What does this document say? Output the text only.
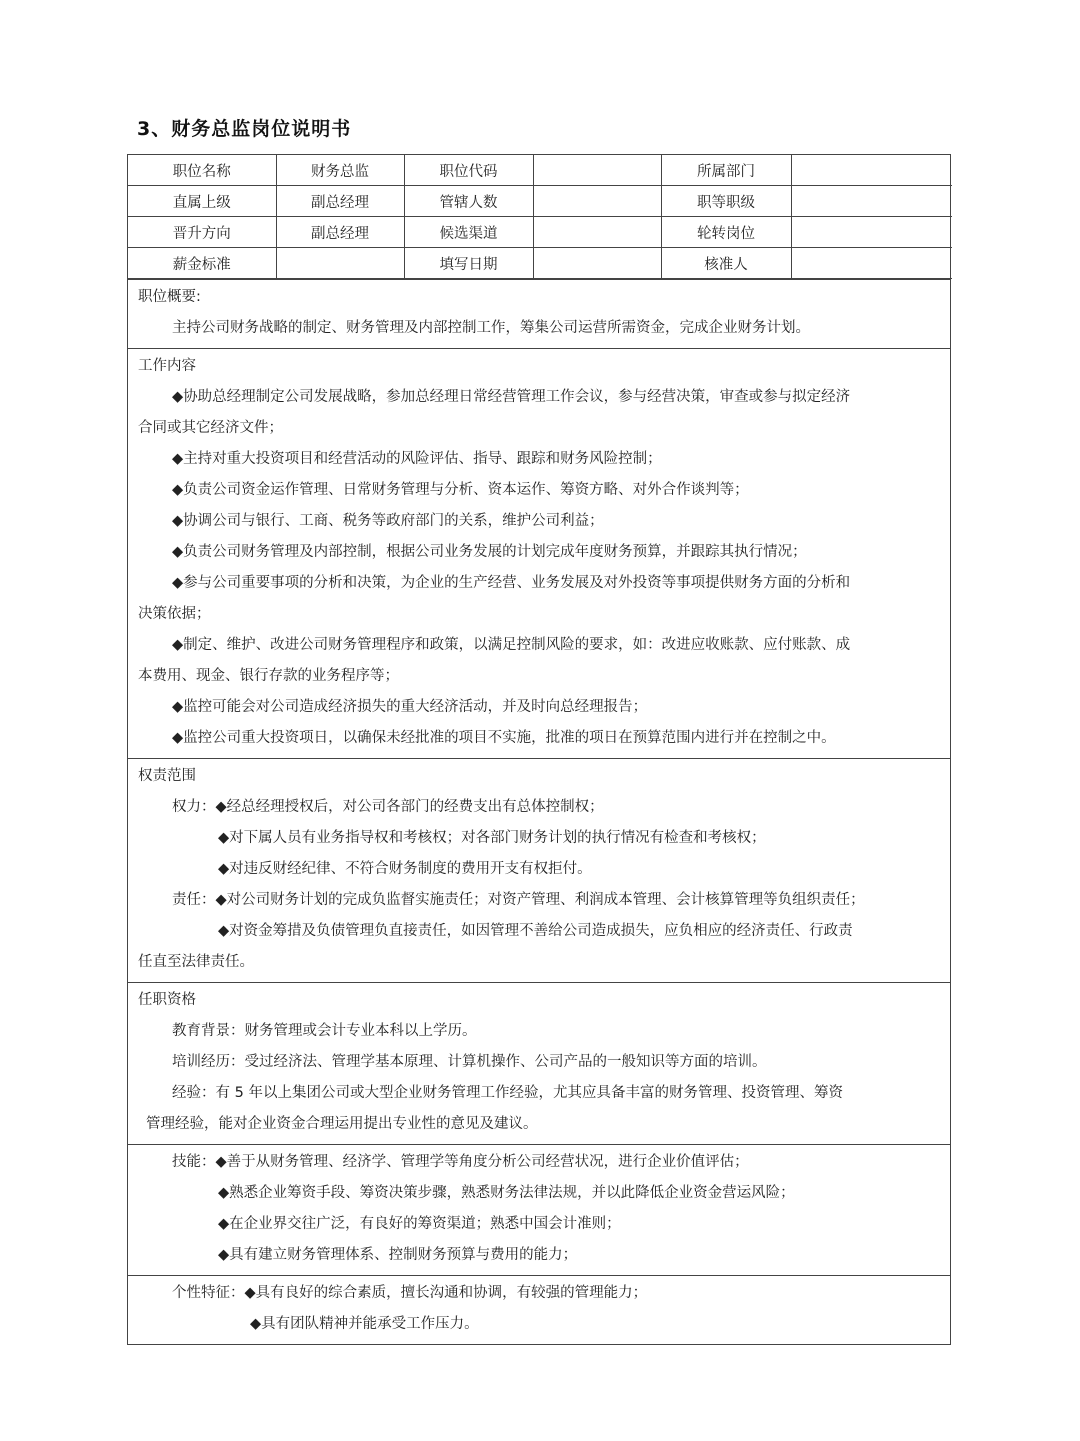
3、财务总监岗位说明书
职位名称	财务总监	职位代码		所属部门	
直属上级	副总经理	管辖人数		职等职级	
晋升方向	副总经理	候选渠道		轮转岗位	
薪金标准		填写日期		核准人	
职位概要:
主持公司财务战略的制定、财务管理及内部控制工作，筹集公司运营所需资金，完成企业财务计划。
工作内容
◆协助总经理制定公司发展战略，参加总经理日常经营管理工作会议，参与经营决策，审查或参与拟定经济
合同或其它经济文件；
◆主持对重大投资项目和经营活动的风险评估、指导、跟踪和财务风险控制；
◆负责公司资金运作管理、日常财务管理与分析、资本运作、筹资方略、对外合作谈判等；
◆协调公司与银行、工商、税务等政府部门的关系，维护公司利益；
◆负责公司财务管理及内部控制，根据公司业务发展的计划完成年度财务预算，并跟踪其执行情况；
◆参与公司重要事项的分析和决策，为企业的生产经营、业务发展及对外投资等事项提供财务方面的分析和
决策依据；
◆制定、维护、改进公司财务管理程序和政策，以满足控制风险的要求，如：改进应收账款、应付账款、成
本费用、现金、银行存款的业务程序等；
◆监控可能会对公司造成经济损失的重大经济活动，并及时向总经理报告；
◆监控公司重大投资项日，以确保未经批准的项目不实施，批准的项日在预算范围内进行并在控制之中。
权责范围
权力：◆经总经理授权后，对公司各部门的经费支出有总体控制权；
◆对下属人员有业务指导权和考核权；对各部门财务计划的执行情况有检查和考核权；
◆对违反财经纪律、不符合财务制度的费用开支有权拒付。
责任：◆对公司财务计划的完成负监督实施责任；对资产管理、利润成本管理、会计核算管理等负组织责任；
◆对资金筹措及负债管理负直接责任，如因管理不善给公司造成损失，应负相应的经济责任、行政责
任直至法律责任。
任职资格
教育背景：财务管理或会计专业本科以上学历。
培训经历：受过经济法、管理学基本原理、计算机操作、公司产品的一般知识等方面的培训。
经验：有 5 年以上集团公司或大型企业财务管理工作经验，尤其应具备丰富的财务管理、投资管理、筹资
管理经验，能对企业资金合理运用提出专业性的意见及建议。
技能：◆善于从财务管理、经济学、管理学等角度分析公司经营状况，进行企业价值评估；
◆熟悉企业筹资手段、筹资决策步骤，熟悉财务法律法规，并以此降低企业资金营运风险；
◆在企业界交往广泛，有良好的筹资渠道；熟悉中国会计准则；
◆具有建立财务管理体系、控制财务预算与费用的能力；
个性特征：◆具有良好的综合素质，擅长沟通和协调，有较强的管理能力；
◆具有团队精神并能承受工作压力。
